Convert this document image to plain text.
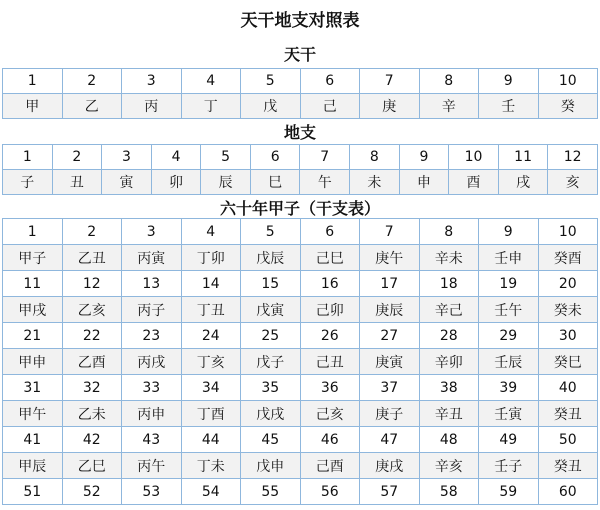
天干地支对照表
天干
1	2	3	4	5	6	7	8	9	10
甲	乙	丙	丁	戊	己	庚	辛	壬	癸
地支
1	2	3	4	5	6	7	8	9	10	11	12
子	丑	寅	卯	辰	巳	午	未	申	酉	戌	亥
六十年甲子（干支表）
1	2	3	4	5	6	7	8	9	10
甲子	乙丑	丙寅	丁卯	戊辰	己巳	庚午	辛未	壬申	癸酉
11	12	13	14	15	16	17	18	19	20
甲戌	乙亥	丙子	丁丑	戊寅	己卯	庚辰	辛己	壬午	癸未
21	22	23	24	25	26	27	28	29	30
甲申	乙酉	丙戌	丁亥	戊子	己丑	庚寅	辛卯	壬辰	癸巳
31	32	33	34	35	36	37	38	39	40
甲午	乙未	丙申	丁酉	戊戌	己亥	庚子	辛丑	壬寅	癸丑
41	42	43	44	45	46	47	48	49	50
甲辰	乙巳	丙午	丁未	戊申	己酉	庚戌	辛亥	壬子	癸丑
51	52	53	54	55	56	57	58	59	60
